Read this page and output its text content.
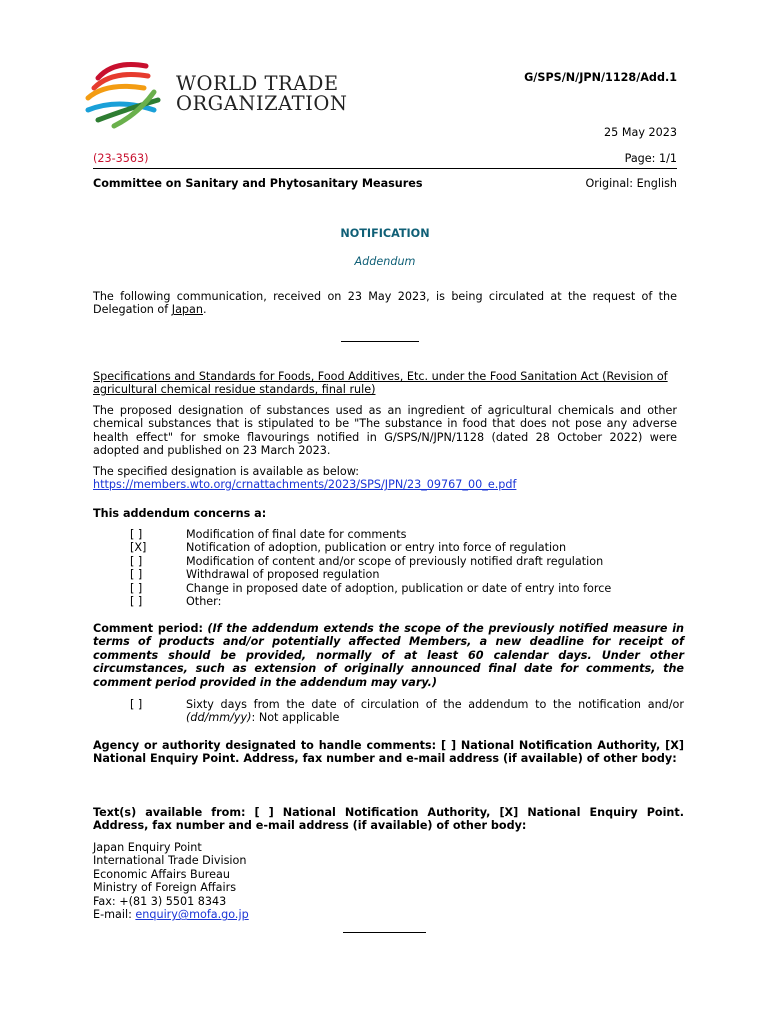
WORLD TRADE
ORGANIZATION
G/SPS/N/JPN/1128/Add.1
25 May 2023
(23-3563)	Page: 1/1
Committee on Sanitary and Phytosanitary Measures	Original: English
NOTIFICATION
Addendum
The following communication, received on 23 May 2023, is being circulated at the request of the Delegation of Japan.
Specifications and Standards for Foods, Food Additives, Etc. under the Food Sanitation Act (Revision of agricultural chemical residue standards, final rule)
The proposed designation of substances used as an ingredient of agricultural chemicals and other chemical substances that is stipulated to be "The substance in food that does not pose any adverse health effect" for smoke flavourings notified in G/SPS/N/JPN/1128 (dated 28 October 2022) were adopted and published on 23 March 2023.
The specified designation is available as below:
https://members.wto.org/crnattachments/2023/SPS/JPN/23_09767_00_e.pdf
This addendum concerns a:
[ ]	Modification of final date for comments
[X]	Notification of adoption, publication or entry into force of regulation
[ ]	Modification of content and/or scope of previously notified draft regulation
[ ]	Withdrawal of proposed regulation
[ ]	Change in proposed date of adoption, publication or date of entry into force
[ ]	Other:
Comment period: (If the addendum extends the scope of the previously notified measure in terms of products and/or potentially affected Members, a new deadline for receipt of comments should be provided, normally of at least 60 calendar days. Under other circumstances, such as extension of originally announced final date for comments, the comment period provided in the addendum may vary.)
[ ]	Sixty days from the date of circulation of the addendum to the notification and/or (dd/mm/yy): Not applicable
Agency or authority designated to handle comments: [ ] National Notification Authority, [X] National Enquiry Point. Address, fax number and e-mail address (if available) of other body:
Text(s) available from: [ ] National Notification Authority, [X] National Enquiry Point. Address, fax number and e-mail address (if available) of other body:
Japan Enquiry Point
International Trade Division
Economic Affairs Bureau
Ministry of Foreign Affairs
Fax: +(81 3) 5501 8343
E-mail: enquiry@mofa.go.jp
